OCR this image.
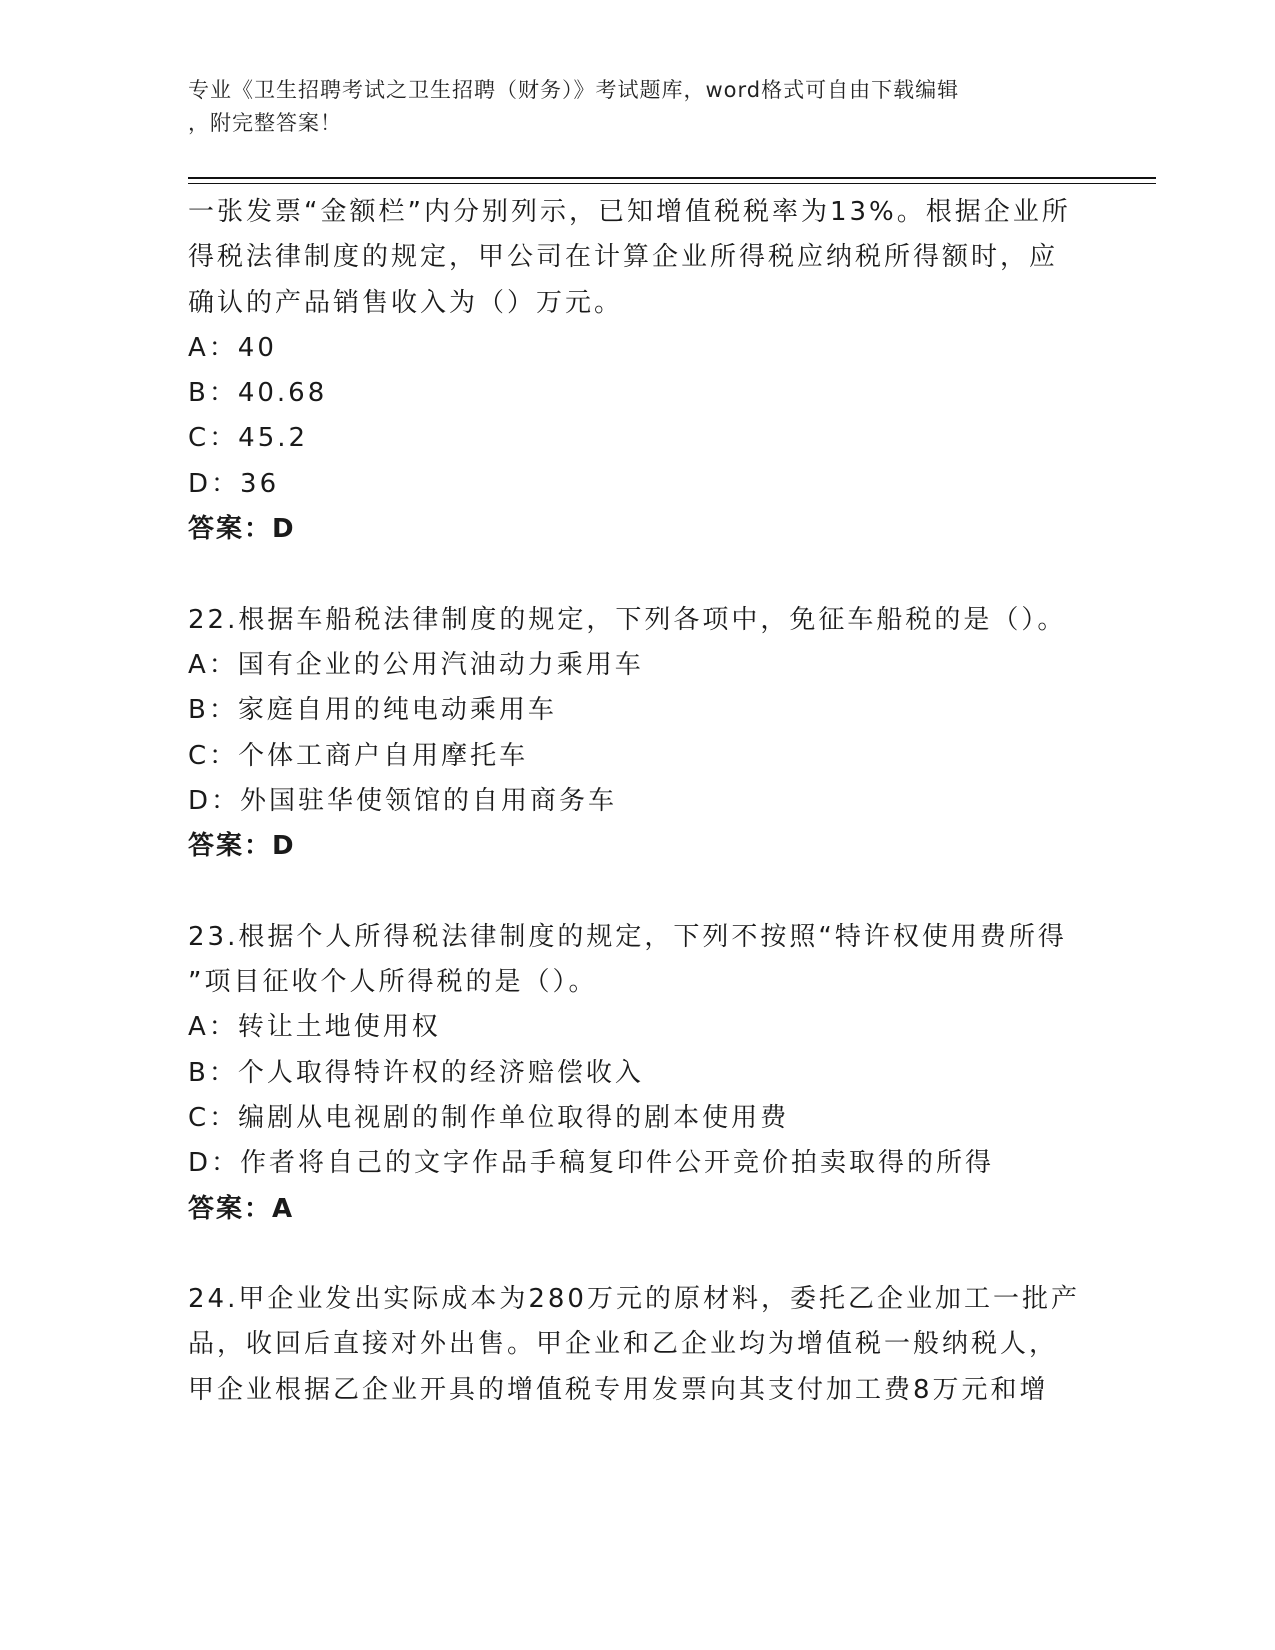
专业《卫生招聘考试之卫生招聘（财务）》考试题库，word格式可自由下载编辑
，附完整答案！
一张发票“金额栏”内分别列示，已知增值税税率为13%。根据企业所
得税法律制度的规定，甲公司在计算企业所得税应纳税所得额时，应
确认的产品销售收入为（）万元。
A：40
B：40.68
C：45.2
D：36
答案：D
22.根据车船税法律制度的规定，下列各项中，免征车船税的是（）。
A：国有企业的公用汽油动力乘用车
B：家庭自用的纯电动乘用车
C：个体工商户自用摩托车
D：外国驻华使领馆的自用商务车
答案：D
23.根据个人所得税法律制度的规定，下列不按照“特许权使用费所得
”项目征收个人所得税的是（）。
A：转让土地使用权
B：个人取得特许权的经济赔偿收入
C：编剧从电视剧的制作单位取得的剧本使用费
D：作者将自己的文字作品手稿复印件公开竞价拍卖取得的所得
答案：A
24.甲企业发出实际成本为280万元的原材料，委托乙企业加工一批产
品，收回后直接对外出售。甲企业和乙企业均为增值税一般纳税人，
甲企业根据乙企业开具的增值税专用发票向其支付加工费8万元和增
